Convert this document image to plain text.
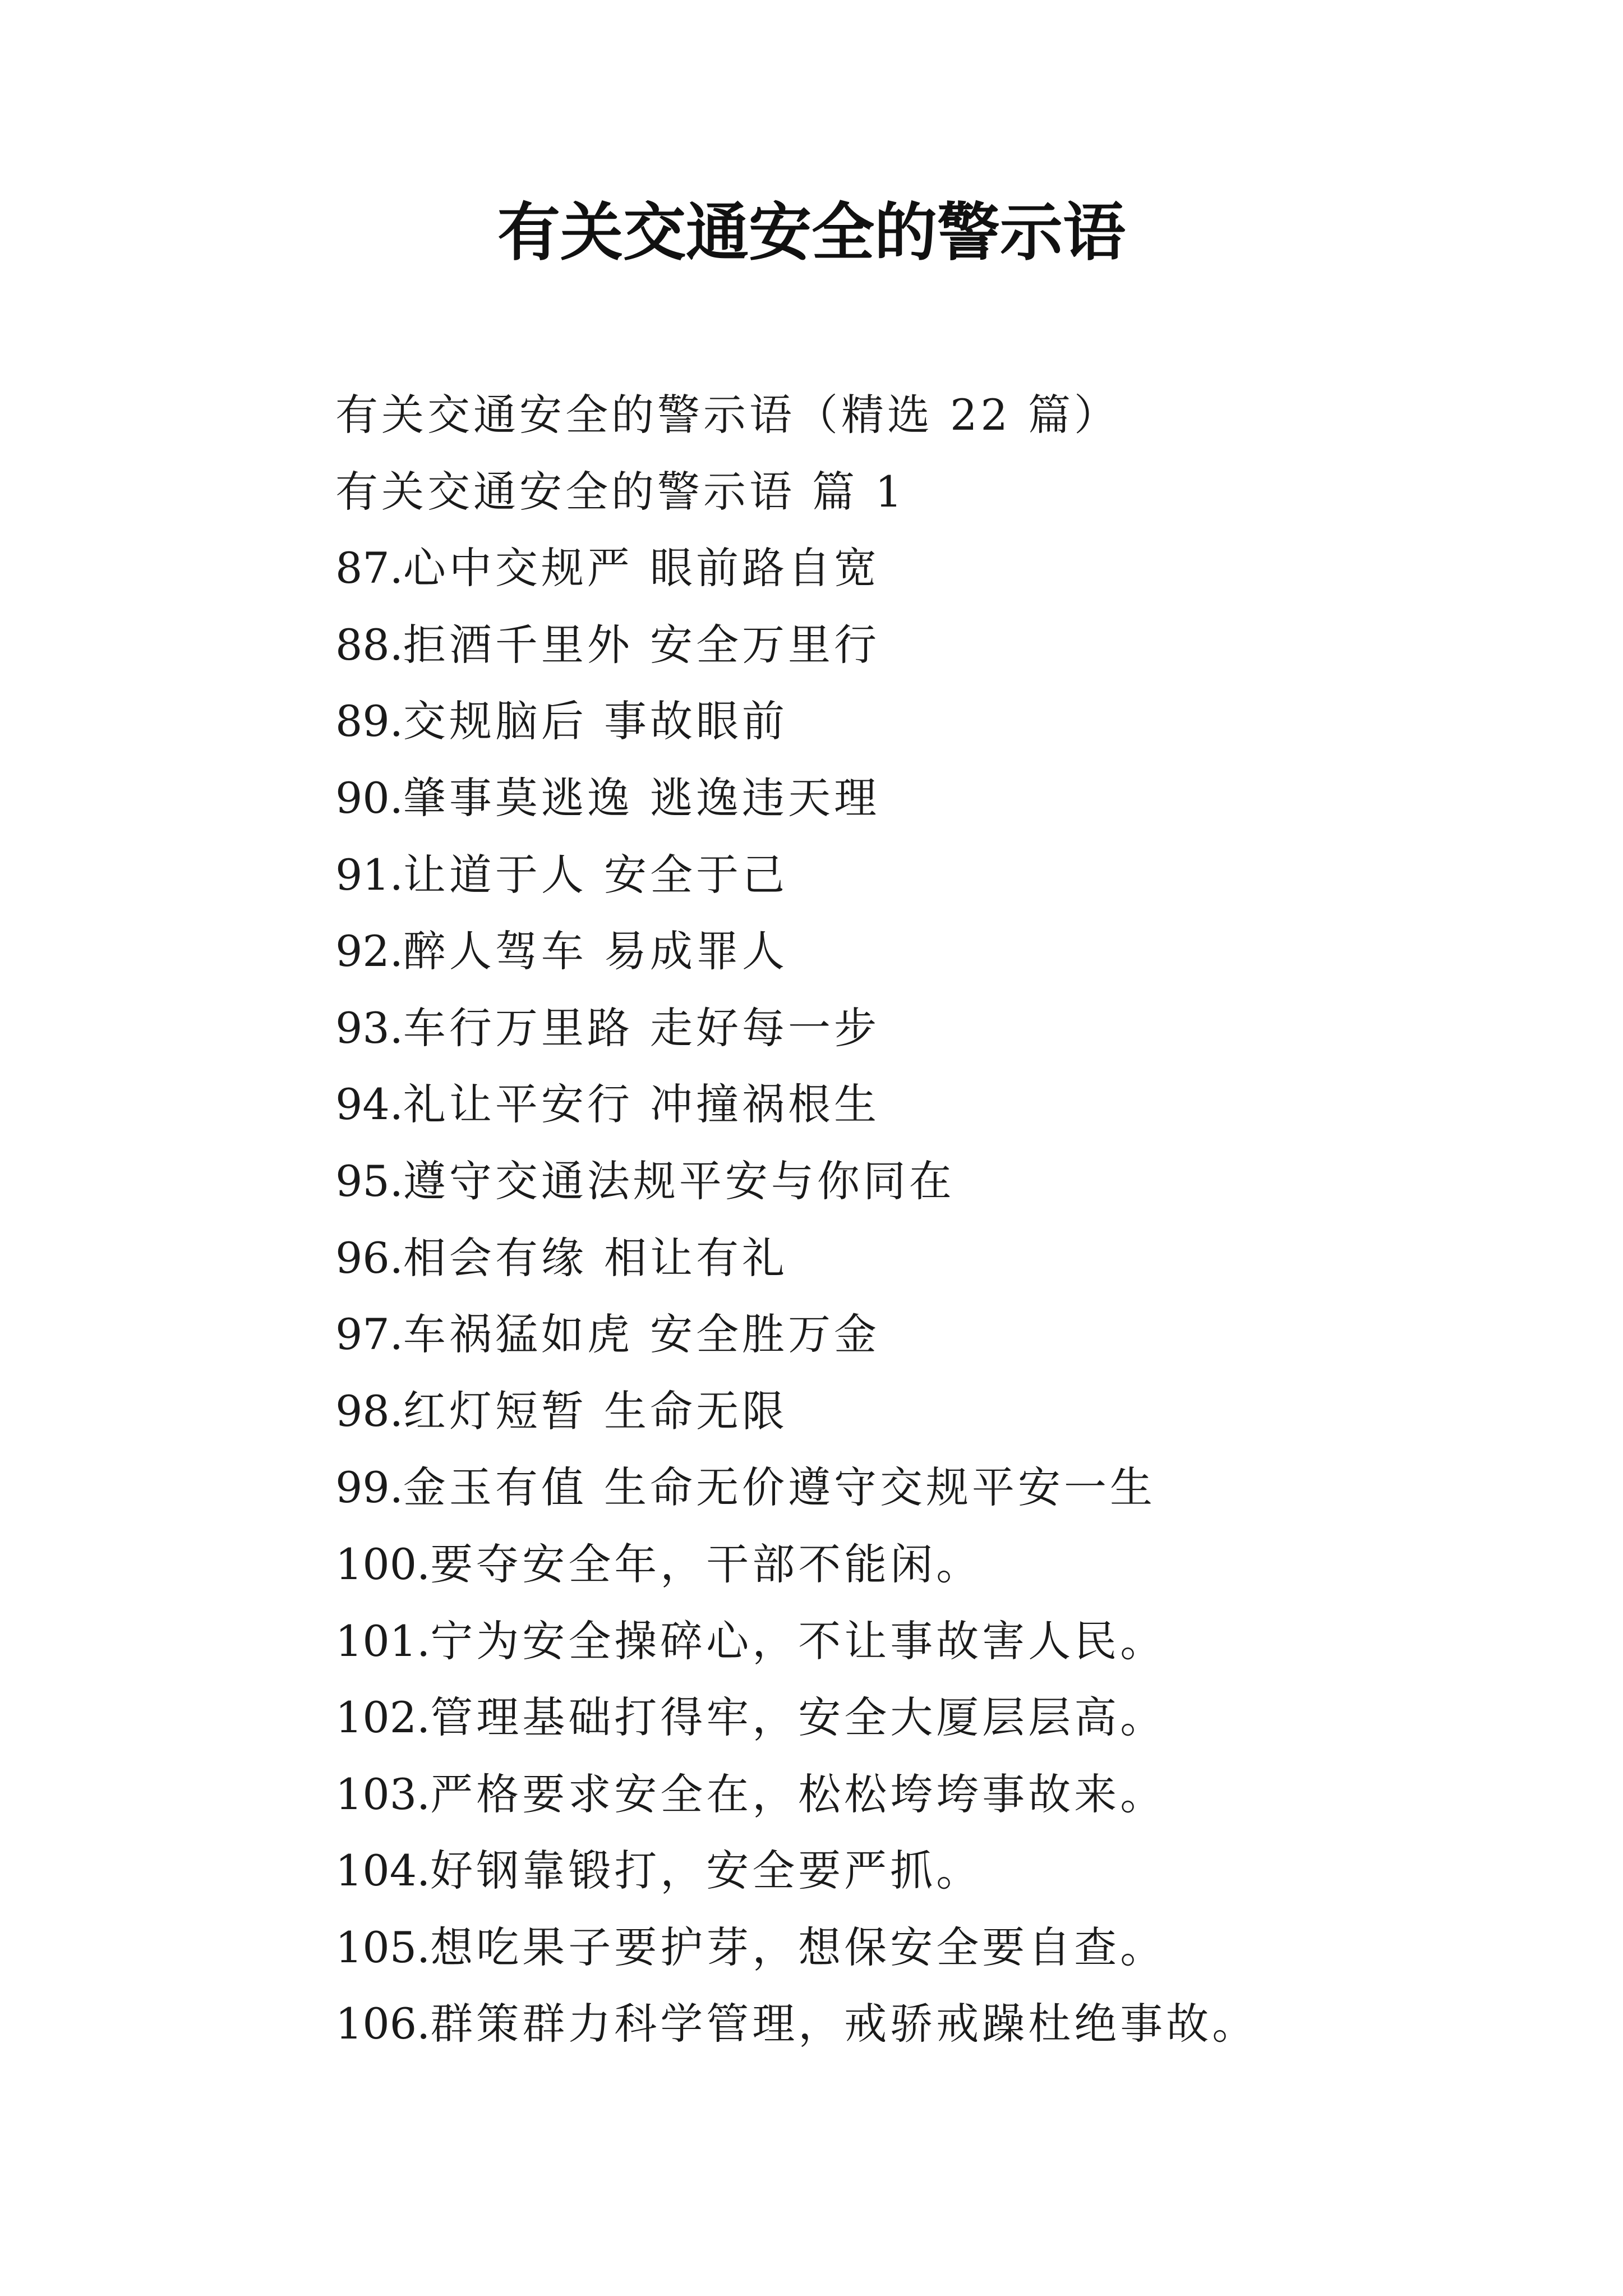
有关交通安全的警示语
有关交通安全的警示语（精选 22 篇）
有关交通安全的警示语 篇 1
87.心中交规严 眼前路自宽
88.拒酒千里外 安全万里行
89.交规脑后 事故眼前
90.肇事莫逃逸 逃逸违天理
91.让道于人 安全于己
92.醉人驾车 易成罪人
93.车行万里路 走好每一步
94.礼让平安行 冲撞祸根生
95.遵守交通法规平安与你同在
96.相会有缘 相让有礼
97.车祸猛如虎 安全胜万金
98.红灯短暂 生命无限
99.金玉有值 生命无价遵守交规平安一生
100.要夺安全年，干部不能闲。
101.宁为安全操碎心，不让事故害人民。
102.管理基础打得牢，安全大厦层层高。
103.严格要求安全在，松松垮垮事故来。
104.好钢靠锻打，安全要严抓。
105.想吃果子要护芽，想保安全要自查。
106.群策群力科学管理，戒骄戒躁杜绝事故。
